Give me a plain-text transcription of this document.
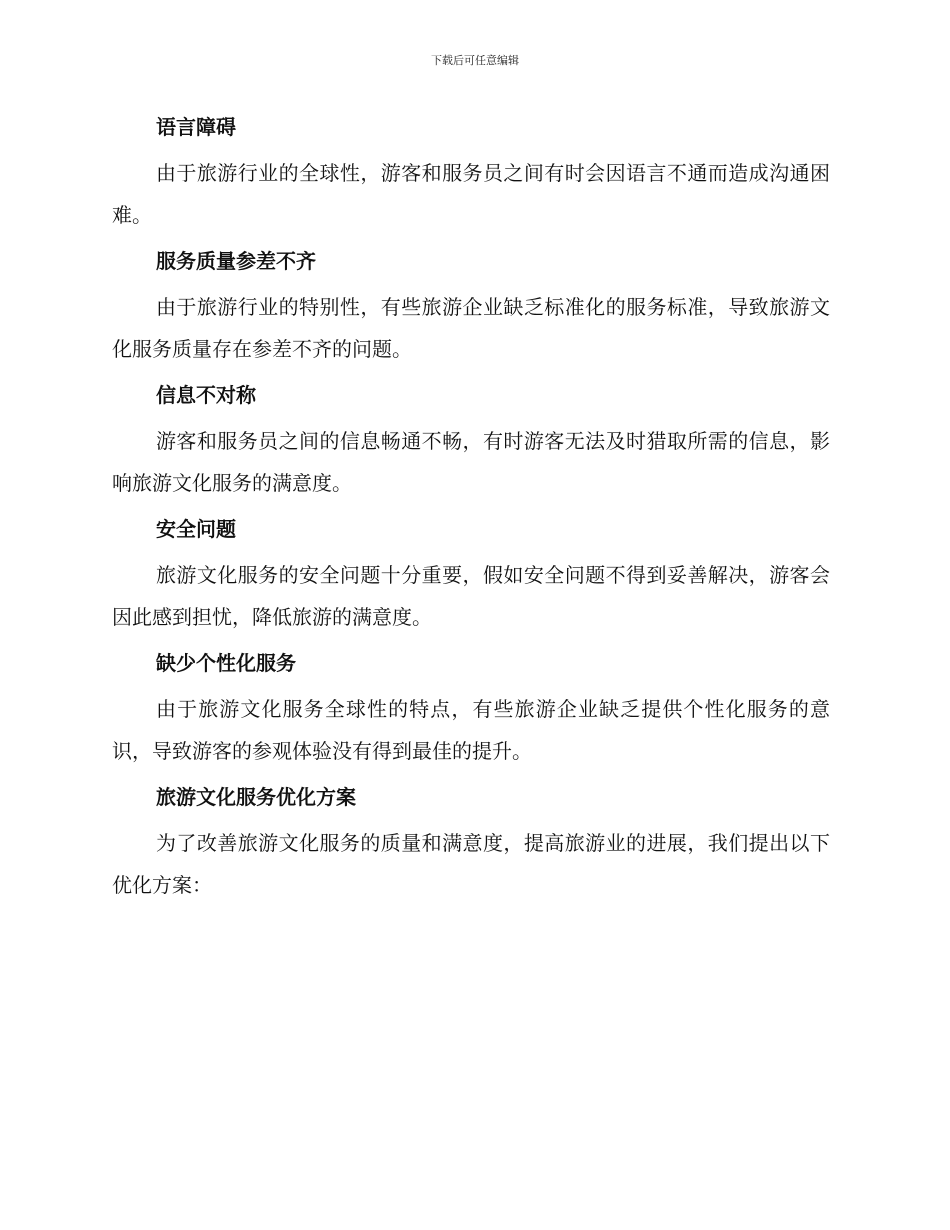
下载后可任意编辑
语言障碍

由于旅游行业的全球性，游客和服务员之间有时会因语言不通而造成沟通困难。

服务质量参差不齐

由于旅游行业的特别性，有些旅游企业缺乏标准化的服务标准，导致旅游文化服务质量存在参差不齐的问题。

信息不对称

游客和服务员之间的信息畅通不畅，有时游客无法及时猎取所需的信息，影响旅游文化服务的满意度。

安全问题

旅游文化服务的安全问题十分重要，假如安全问题不得到妥善解决，游客会因此感到担忧，降低旅游的满意度。

缺少个性化服务

由于旅游文化服务全球性的特点，有些旅游企业缺乏提供个性化服务的意识，导致游客的参观体验没有得到最佳的提升。

旅游文化服务优化方案

为了改善旅游文化服务的质量和满意度，提高旅游业的进展，我们提出以下优化方案：
